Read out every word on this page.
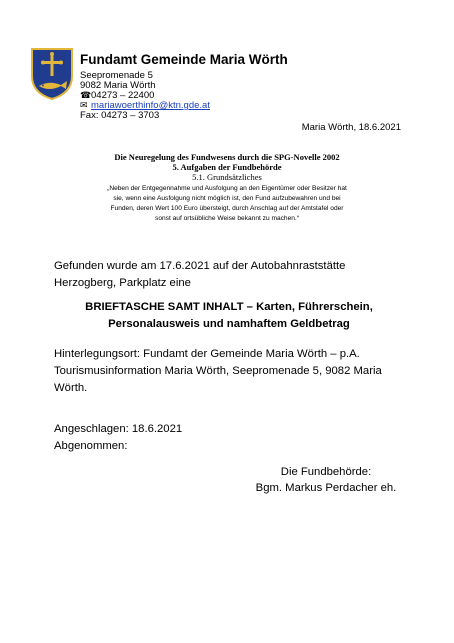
Fundamt Gemeinde Maria Wörth
Seepromenade 5
9082 Maria Wörth
☎04273 – 22400
✉ mariawoerthinfo@ktn.gde.at
Fax: 04273 – 3703
Maria Wörth, 18.6.2021
Die Neuregelung des Fundwesens durch die SPG-Novelle 2002
5. Aufgaben der Fundbehörde
5.1. Grundsätzliches
„Neben der Entgegennahme und Ausfolgung an den Eigentümer oder Besitzer hat
sie, wenn eine Ausfolgung nicht möglich ist, den Fund aufzubewahren und bei
Funden, deren Wert 100 Euro übersteigt, durch Anschlag auf der Amtstafel oder
sonst auf ortsübliche Weise bekannt zu machen.“
Gefunden wurde am 17.6.2021 auf der Autobahnraststätte
Herzogberg, Parkplatz eine
BRIEFTASCHE SAMT INHALT – Karten, Führerschein,
Personalausweis und namhaftem Geldbetrag
Hinterlegungsort: Fundamt der Gemeinde Maria Wörth – p.A.
Tourismusinformation Maria Wörth, Seepromenade 5, 9082 Maria
Wörth.
Angeschlagen: 18.6.2021
Abgenommen:
Die Fundbehörde:
Bgm. Markus Perdacher eh.
